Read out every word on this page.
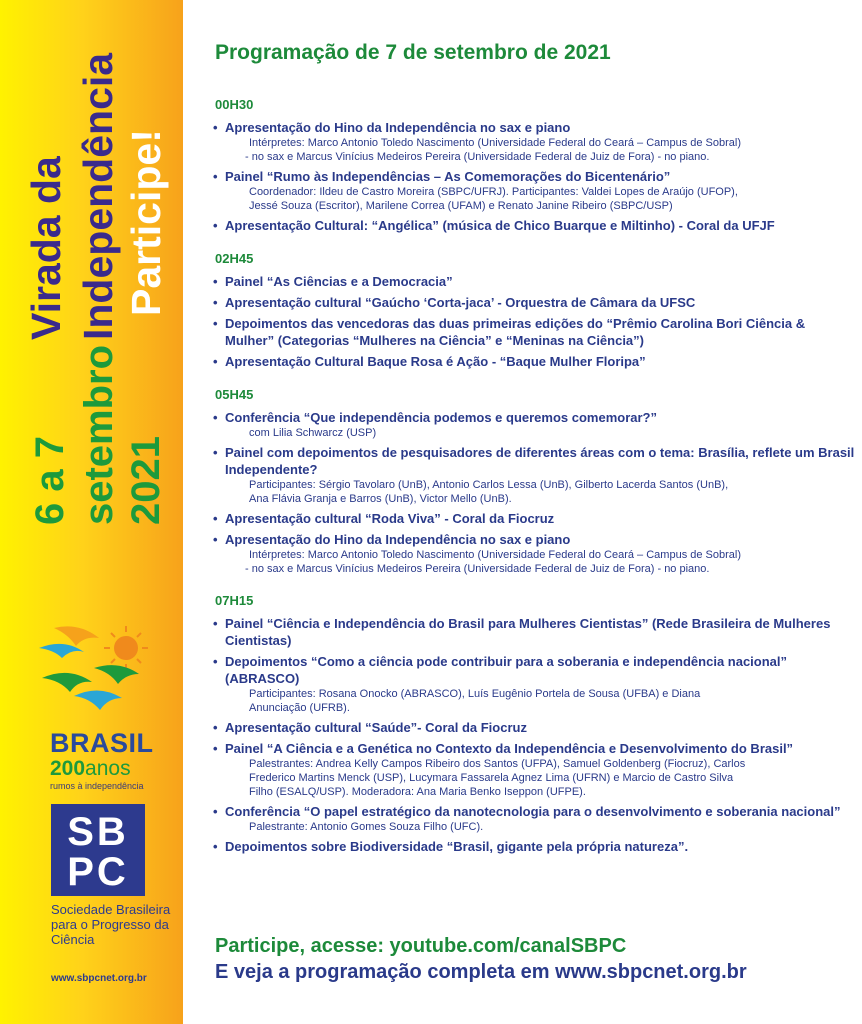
Virada da Independência Participe!
6 a 7 setembro 2021
BRASIL
200anos
rumos à independência
SB
PC
Sociedade Brasileira para o Progresso da Ciência
www.sbpcnet.org.br
Programação de 7 de setembro de 2021
00H30
• Apresentação do Hino da Independência no sax e piano
Intérpretes: Marco Antonio Toledo Nascimento (Universidade Federal do Ceará – Campus de Sobral)
- no sax e Marcus Vinícius Medeiros Pereira (Universidade Federal de Juiz de Fora) - no piano.
• Painel “Rumo às Independências – As Comemorações do Bicentenário”
Coordenador: Ildeu de Castro Moreira (SBPC/UFRJ). Participantes: Valdei Lopes de Araújo (UFOP),
Jessé Souza (Escritor), Marilene Correa (UFAM) e Renato Janine Ribeiro (SBPC/USP)
• Apresentação Cultural: “Angélica” (música de Chico Buarque e Miltinho) - Coral da UFJF
02H45
• Painel “As Ciências e a Democracia”
• Apresentação cultural “Gaúcho ‘Corta-jaca’ - Orquestra de Câmara da UFSC
• Depoimentos das vencedoras das duas primeiras edições do “Prêmio Carolina Bori Ciência & Mulher” (Categorias “Mulheres na Ciência” e “Meninas na Ciência”)
• Apresentação Cultural Baque Rosa é Ação - “Baque Mulher Floripa”
05H45
• Conferência “Que independência podemos e queremos comemorar?”
com Lilia Schwarcz (USP)
• Painel com depoimentos de pesquisadores de diferentes áreas com o tema: Brasília, reflete um Brasil Independente?
Participantes: Sérgio Tavolaro (UnB), Antonio Carlos Lessa (UnB), Gilberto Lacerda Santos (UnB),
Ana Flávia Granja e Barros (UnB), Victor Mello (UnB).
• Apresentação cultural “Roda Viva” - Coral da Fiocruz
• Apresentação do Hino da Independência no sax e piano
Intérpretes: Marco Antonio Toledo Nascimento (Universidade Federal do Ceará – Campus de Sobral)
- no sax e Marcus Vinícius Medeiros Pereira (Universidade Federal de Juiz de Fora) - no piano.
07H15
• Painel “Ciência e Independência do Brasil para Mulheres Cientistas” (Rede Brasileira de Mulheres Cientistas)
• Depoimentos “Como a ciência pode contribuir para a soberania e independência nacional” (ABRASCO)
Participantes: Rosana Onocko (ABRASCO), Luís Eugênio Portela de Sousa (UFBA) e Diana
Anunciação (UFRB).
• Apresentação cultural “Saúde”- Coral da Fiocruz
• Painel “A Ciência e a Genética no Contexto da Independência e Desenvolvimento do Brasil”
Palestrantes: Andrea Kelly Campos Ribeiro dos Santos (UFPA), Samuel Goldenberg (Fiocruz), Carlos
Frederico Martins Menck (USP), Lucymara Fassarela Agnez Lima (UFRN) e Marcio de Castro Silva
Filho (ESALQ/USP). Moderadora: Ana Maria Benko Iseppon (UFPE).
• Conferência “O papel estratégico da nanotecnologia para o desenvolvimento e soberania nacional”
Palestrante: Antonio Gomes Souza Filho (UFC).
• Depoimentos sobre Biodiversidade “Brasil, gigante pela própria natureza”.
Participe, acesse: youtube.com/canalSBPC
E veja a programação completa em www.sbpcnet.org.br
